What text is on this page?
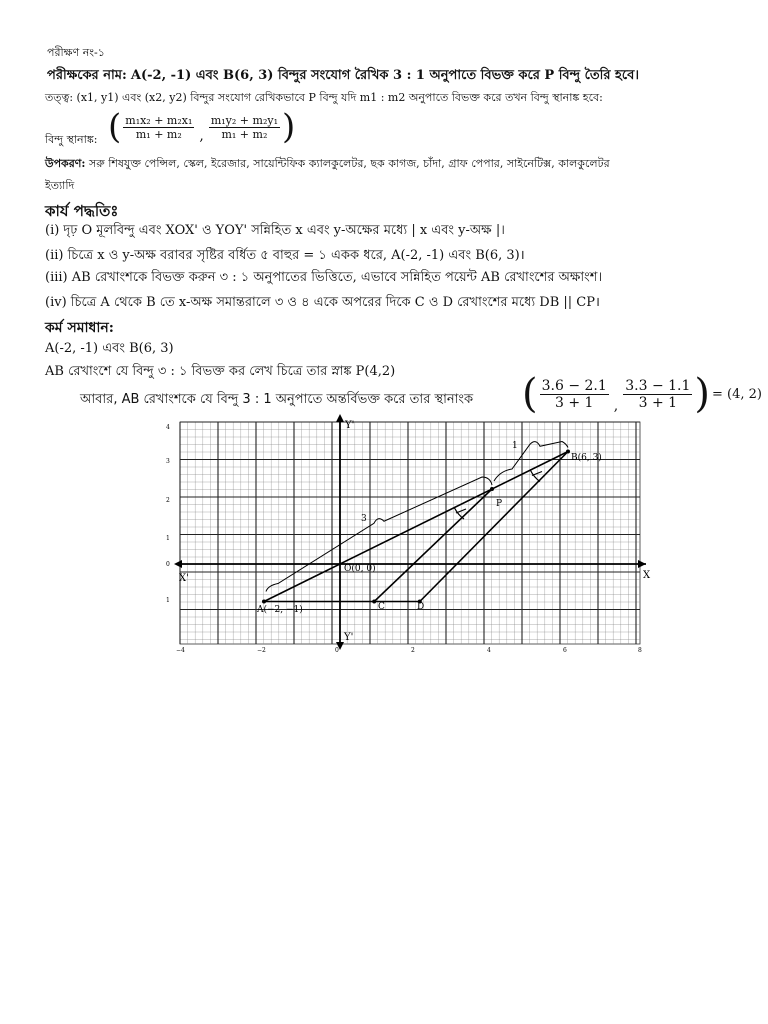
পরীক্ষণ নং-১
পরীক্ষকের নাম: A(-2, -1) এবং B(6, 3) বিন্দুর সংযোগ রৈখিক 3 : 1 অনুপাতে বিভক্ত করে P বিন্দু তৈরি হবে।
তত্ত্ব: (x1, y1) এবং (x2, y2) বিন্দুর সংযোগ রেখিকভাবে P বিন্দু যদি m1 : m2 অনুপাতে বিভক্ত করে তখন বিন্দু স্থানাঙ্ক হবে:
বিন্দু স্থানাঙ্ক: ( $\frac{\text{m₁x₂ + m₂x₁}}{\text{m₁ + m₂}}$ , $\frac{\text{m₁y₂ + m₂y₁}}{\text{m₁ + m₂}}$ )
উপকরণ: সরু শিষযুক্ত পেন্সিল, স্কেল, ইরেজার, সায়েন্টিফিক ক্যালকুলেটর, ছক কাগজ, চাঁদা, গ্রাফ পেপার, সাইনেটিক্স, কালকুলেটর
ইত্যাদি
কার্য পদ্ধতিঃ
(i) দৃঢ় O মূলবিন্দু এবং XOX' ও YOY' সন্নিহিত x এবং y-অক্ষের মধ্যে | x এবং y-অক্ষ |।
(ii) চিত্রে x ও y-অক্ষ বরাবর সৃষ্টির বর্ধিত ৫ বাহুর = ১ একক ধরে, A(-2, -1) এবং B(6, 3)।
(iii) AB রেখাংশকে বিভক্ত করুন ৩ : ১ অনুপাতের ভিত্তিতে, এভাবে সন্নিহিত পয়েন্ট AB রেখাংশের অক্ষাংশ।
(iv) চিত্রে A থেকে B তে x-অক্ষ সমান্তরালে ৩ ও ৪ একে অপরের দিকে C ও D রেখাংশের মধ্যে DB || CP।
কর্ম সমাধান:
A(-2, -1) এবং B(6, 3)
AB রেখাংশে যে বিন্দু ৩ : ১ বিভক্ত কর লেখ চিত্রে তার স্নাঙ্ক P(4,2)
আবার, AB রেখাংশকে যে বিন্দু 3 : 1 অনুপাতে অন্তর্বিভক্ত করে তার স্থানাংক ( $\frac{3.6 - 2.1}{3 + 1}$ , $\frac{3.3 - 1.1}{3 + 1}$ ) = (4, 2)
X
X'
Y'
Y'
O(0, 0)
A(−2, −1)
B(6, 3)
P
C	D
3
1
−4	−2	0	2	4	6	8
4
3
2
1
0
1
